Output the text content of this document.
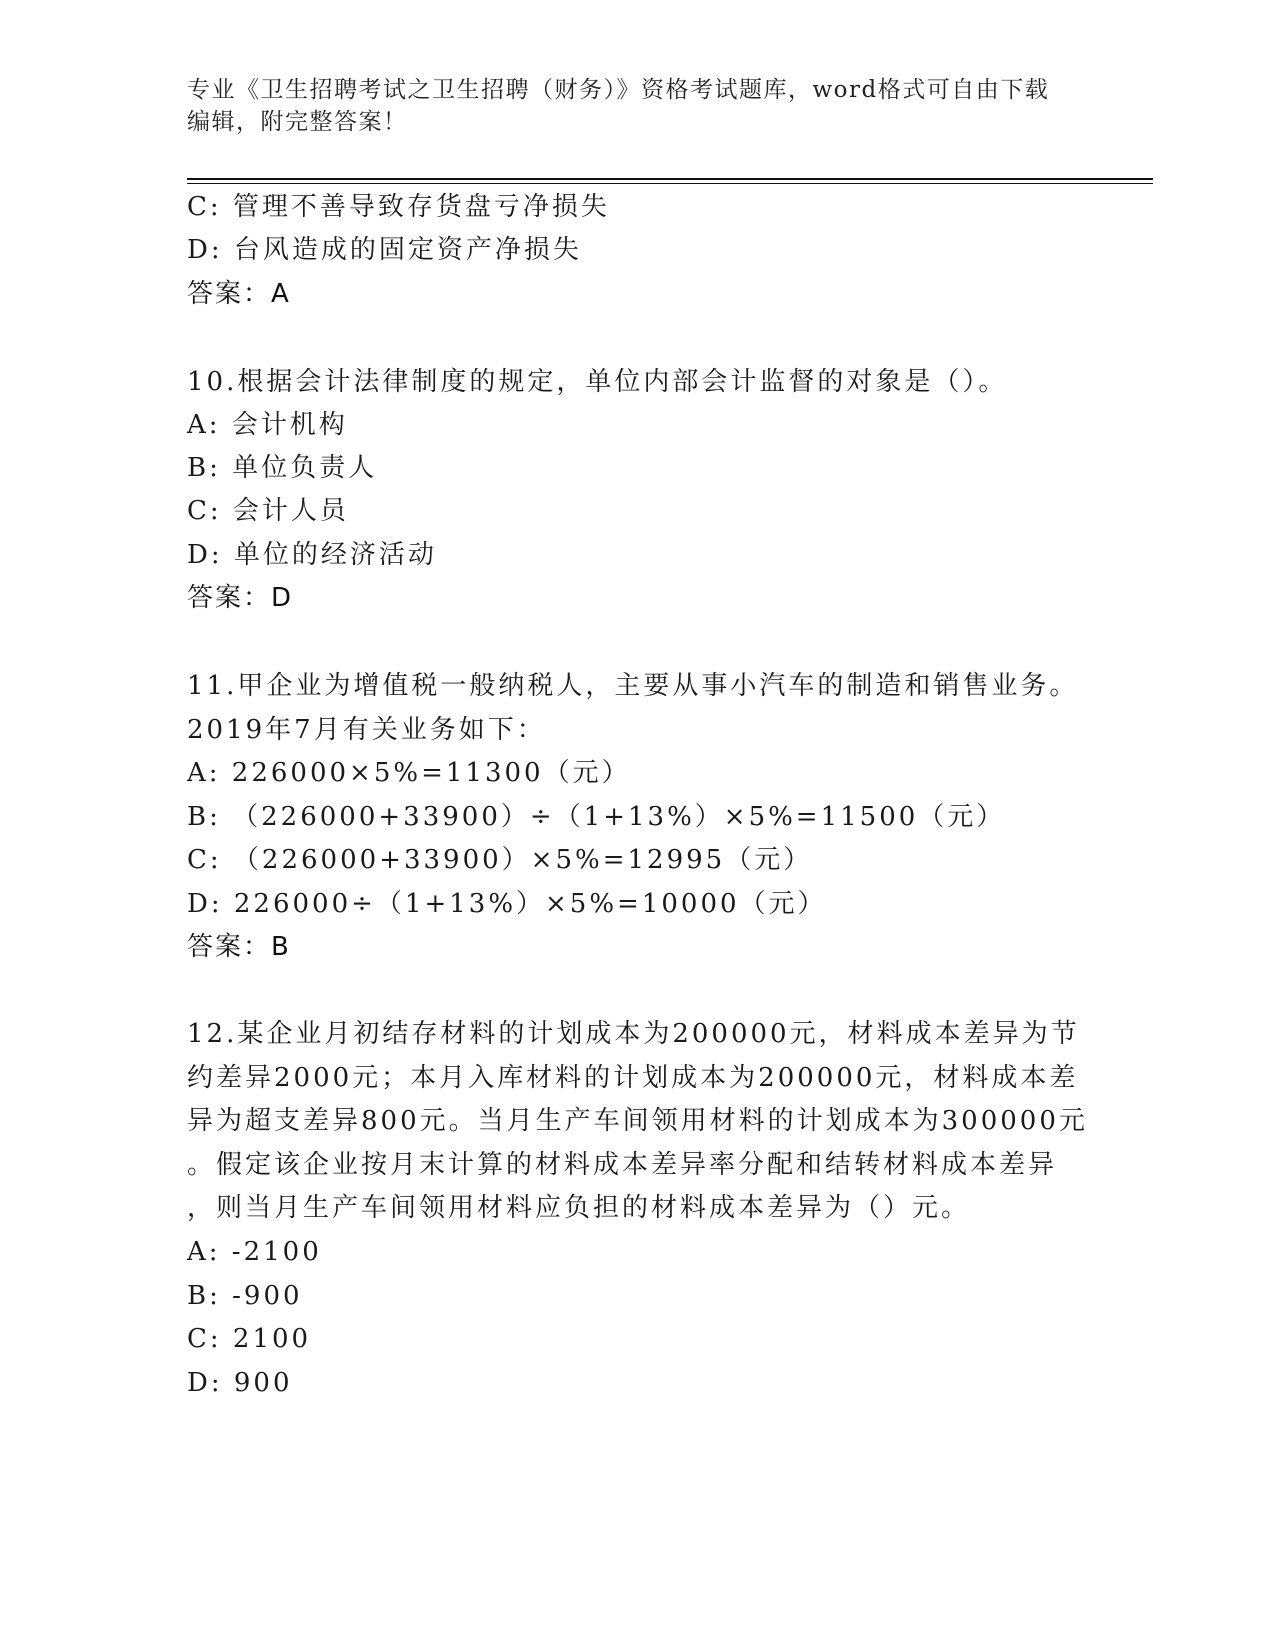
专业《卫生招聘考试之卫生招聘（财务）》资格考试题库，word格式可自由下载
编辑，附完整答案！
C: 管理不善导致存货盘亏净损失
D: 台风造成的固定资产净损失
答案：A
10.根据会计法律制度的规定，单位内部会计监督的对象是（）。
A: 会计机构
B: 单位负责人
C: 会计人员
D: 单位的经济活动
答案：D
11.甲企业为增值税一般纳税人，主要从事小汽车的制造和销售业务。
2019年7月有关业务如下：
A: 226000×5%=11300（元）
B: （226000+33900）÷（1+13%）×5%=11500（元）
C: （226000+33900）×5%=12995（元）
D: 226000÷（1+13%）×5%=10000（元）
答案：B
12.某企业月初结存材料的计划成本为200000元，材料成本差异为节
约差异2000元；本月入库材料的计划成本为200000元，材料成本差
异为超支差异800元。当月生产车间领用材料的计划成本为300000元
。假定该企业按月末计算的材料成本差异率分配和结转材料成本差异
，则当月生产车间领用材料应负担的材料成本差异为（）元。
A: -2100
B: -900
C: 2100
D: 900
